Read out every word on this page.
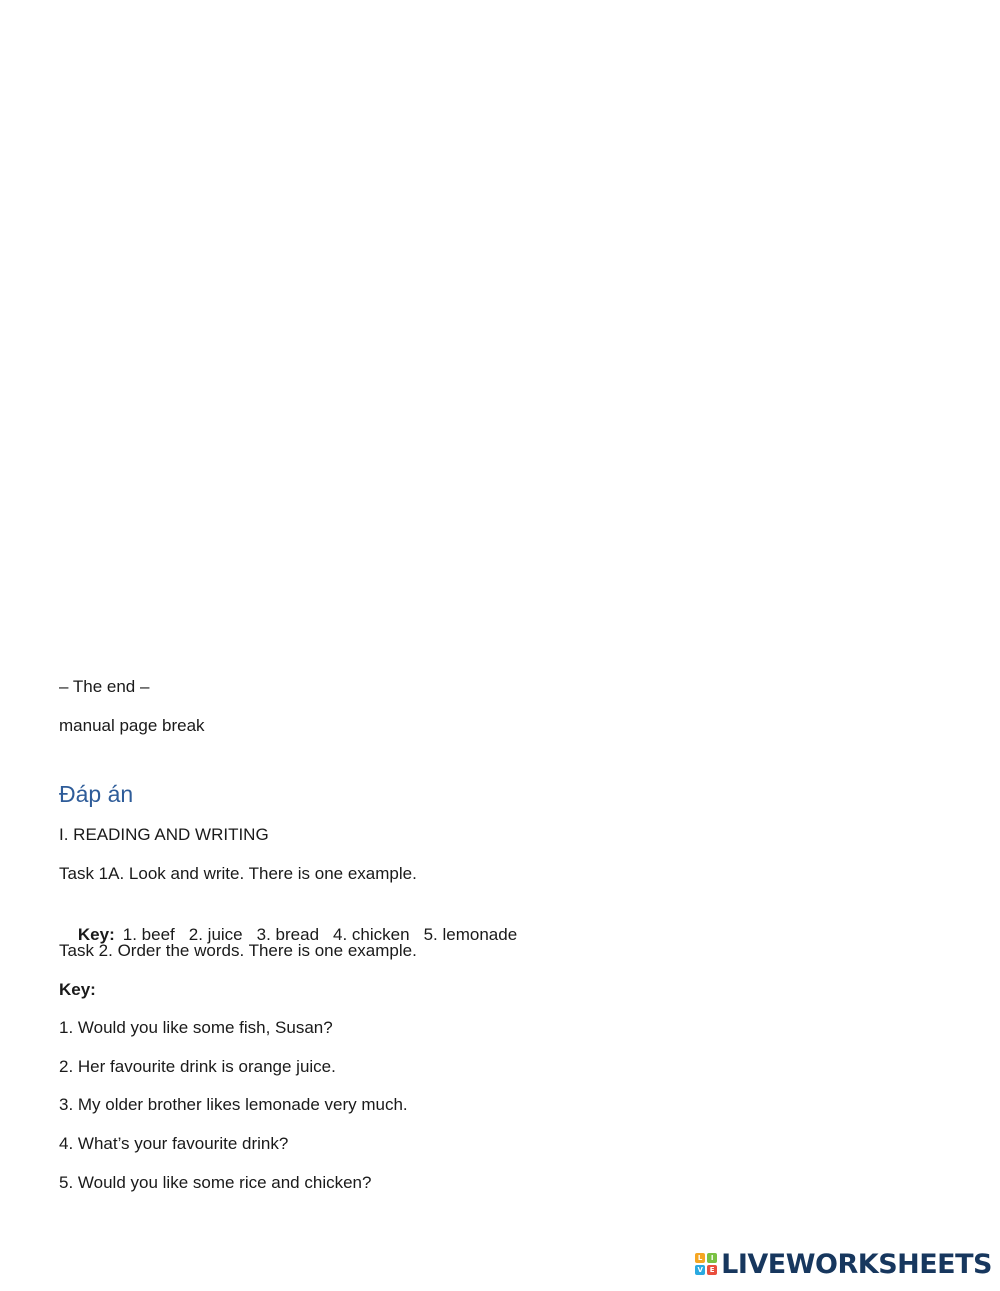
– The end –
manual page break
Đáp án
I. READING AND WRITING
Task 1A. Look and write. There is one example.

Key: 1. beef 2. juice 3. bread 4. chicken 5. lemonade

Task 2. Order the words. There is one example.
Key:
1. Would you like some fish, Susan?
2. Her favourite drink is orange juice.
3. My older brother likes lemonade very much.
4. What’s your favourite drink?
5. Would you like some rice and chicken?
L	I
V E LIVEWORKSHEETS
